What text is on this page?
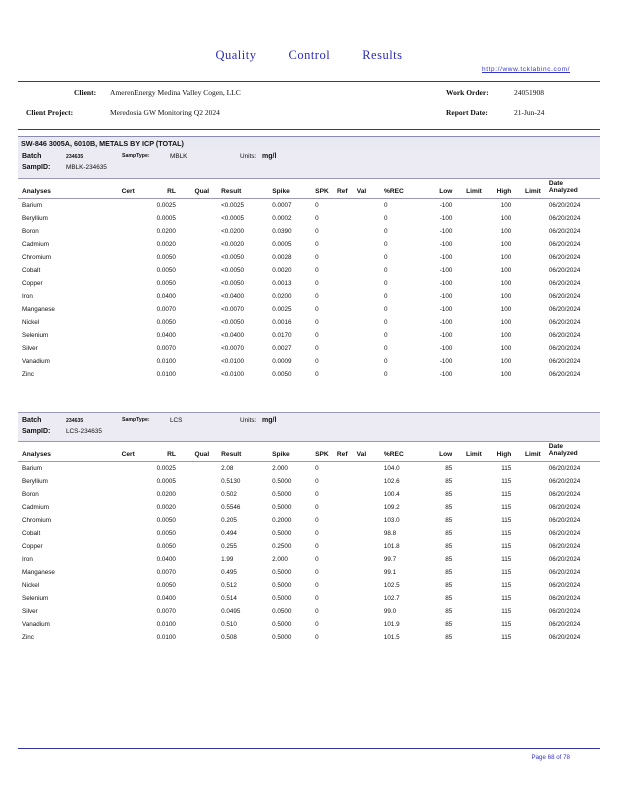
Quality	Control	Results
http://www.tcklabinc.com/
Client: AmerenEnergy Medina Valley Cogen, LLC	Work Order:	24051908
Client Project:	Meredosia GW Monitoring Q2 2024	Report Date:	21-Jun-24
SW-846 3005A, 6010B, METALS BY ICP (TOTAL)
Batch	234635	SampType:	MBLK	Units: mg/l
SampID: MBLK-234635
Analyses	Cert	RL	Qual	Result	Spike	SPK	Ref	Val	%REC	Low	Limit	High	Limit	Date
Analyzed

Barium		0.0025		<0.0025	0.0007	0			0	-100		100		06/20/2024
Beryllium		0.0005		<0.0005	0.0002	0			0	-100		100		06/20/2024
Boron		0.0200		<0.0200	0.0390	0			0	-100		100		06/20/2024
Cadmium		0.0020		<0.0020	0.0005	0			0	-100		100		06/20/2024
Chromium		0.0050		<0.0050	0.0028	0			0	-100		100		06/20/2024
Cobalt		0.0050		<0.0050	0.0020	0			0	-100		100		06/20/2024
Copper		0.0050		<0.0050	0.0013	0			0	-100		100		06/20/2024
Iron		0.0400		<0.0400	0.0200	0			0	-100		100		06/20/2024
Manganese		0.0070		<0.0070	0.0025	0			0	-100		100		06/20/2024
Nickel		0.0050		<0.0050	0.0016	0			0	-100		100		06/20/2024
Selenium		0.0400		<0.0400	0.0170	0			0	-100		100		06/20/2024
Silver		0.0070		<0.0070	0.0027	0			0	-100		100		06/20/2024
Vanadium		0.0100		<0.0100	0.0009	0			0	-100		100		06/20/2024
Zinc		0.0100		<0.0100	0.0050	0			0	-100		100		06/20/2024
Batch	234635	SampType:	LCS	Units: mg/l
SampID: LCS-234635
Analyses	Cert	RL	Qual	Result	Spike	SPK	Ref	Val	%REC	Low	Limit	High	Limit	Date
Analyzed

Barium		0.0025		2.08	2.000	0			104.0	85		115		06/20/2024
Beryllium		0.0005		0.5130	0.5000	0			102.6	85		115		06/20/2024
Boron		0.0200		0.502	0.5000	0			100.4	85		115		06/20/2024
Cadmium		0.0020		0.5546	0.5000	0			109.2	85		115		06/20/2024
Chromium		0.0050		0.205	0.2000	0			103.0	85		115		06/20/2024
Cobalt		0.0050		0.494	0.5000	0			98.8	85		115		06/20/2024
Copper		0.0050		0.255	0.2500	0			101.8	85		115		06/20/2024
Iron		0.0400		1.99	2.000	0			99.7	85		115		06/20/2024
Manganese		0.0070		0.495	0.5000	0			99.1	85		115		06/20/2024
Nickel		0.0050		0.512	0.5000	0			102.5	85		115		06/20/2024
Selenium		0.0400		0.514	0.5000	0			102.7	85		115		06/20/2024
Silver		0.0070		0.0495	0.0500	0			99.0	85		115		06/20/2024
Vanadium		0.0100		0.510	0.5000	0			101.9	85		115		06/20/2024
Zinc		0.0100		0.508	0.5000	0			101.5	85		115		06/20/2024
Page 68 of 78
